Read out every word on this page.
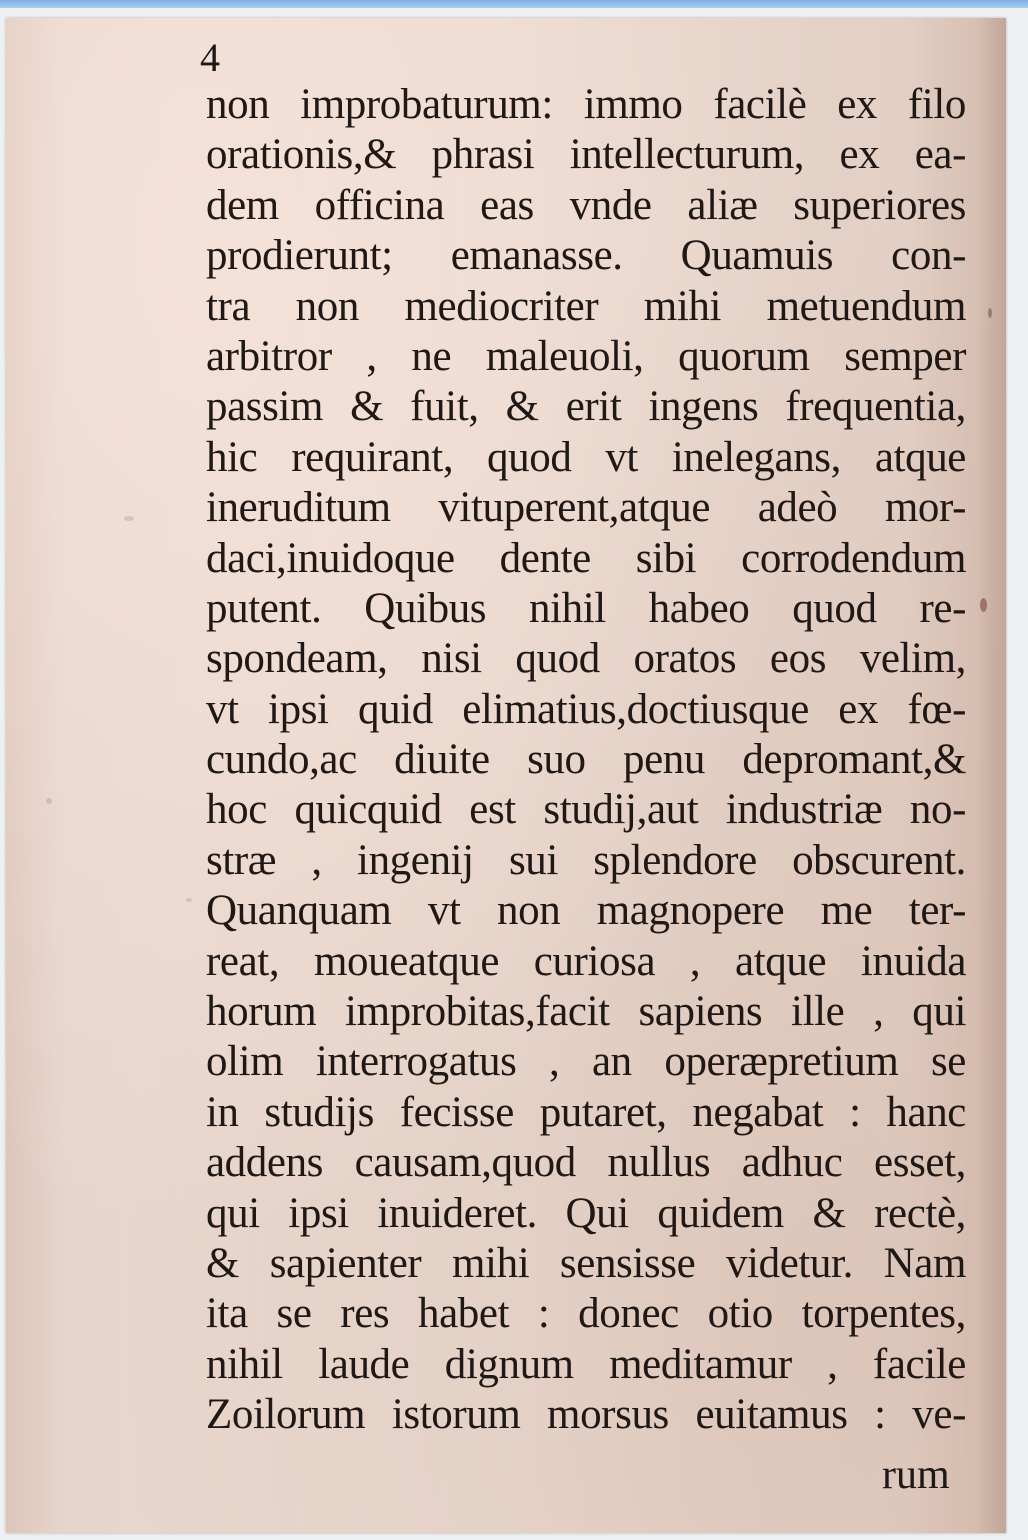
4
non improbaturum: immo facilè ex filo
orationis,& phrasi intellecturum, ex ea-
dem officina eas vnde aliæ superiores
prodierunt; emanasse. Quamuis con-
tra non mediocriter mihi metuendum
arbitror , ne maleuoli, quorum semper
passim & fuit, & erit ingens frequentia,
hic requirant, quod vt inelegans, atque
ineruditum vituperent,atque adeò mor-
daci,inuidoque dente sibi corrodendum
putent. Quibus nihil habeo quod re-
spondeam, nisi quod oratos eos velim,
vt ipsi quid elimatius,doctiusque ex fœ-
cundo,ac diuite suo penu depromant,&
hoc quicquid est studij,aut industriæ no-
stræ , ingenij sui splendore obscurent.
Quanquam vt non magnopere me ter-
reat, moueatque curiosa , atque inuida
horum improbitas,facit sapiens ille , qui
olim interrogatus , an operæpretium se
in studijs fecisse putaret, negabat : hanc
addens causam,quod nullus adhuc esset,
qui ipsi inuideret. Qui quidem & rectè,
& sapienter mihi sensisse videtur. Nam
ita se res habet : donec otio torpentes,
nihil laude dignum meditamur , facile
Zoilorum istorum morsus euitamus : ve-
rum
